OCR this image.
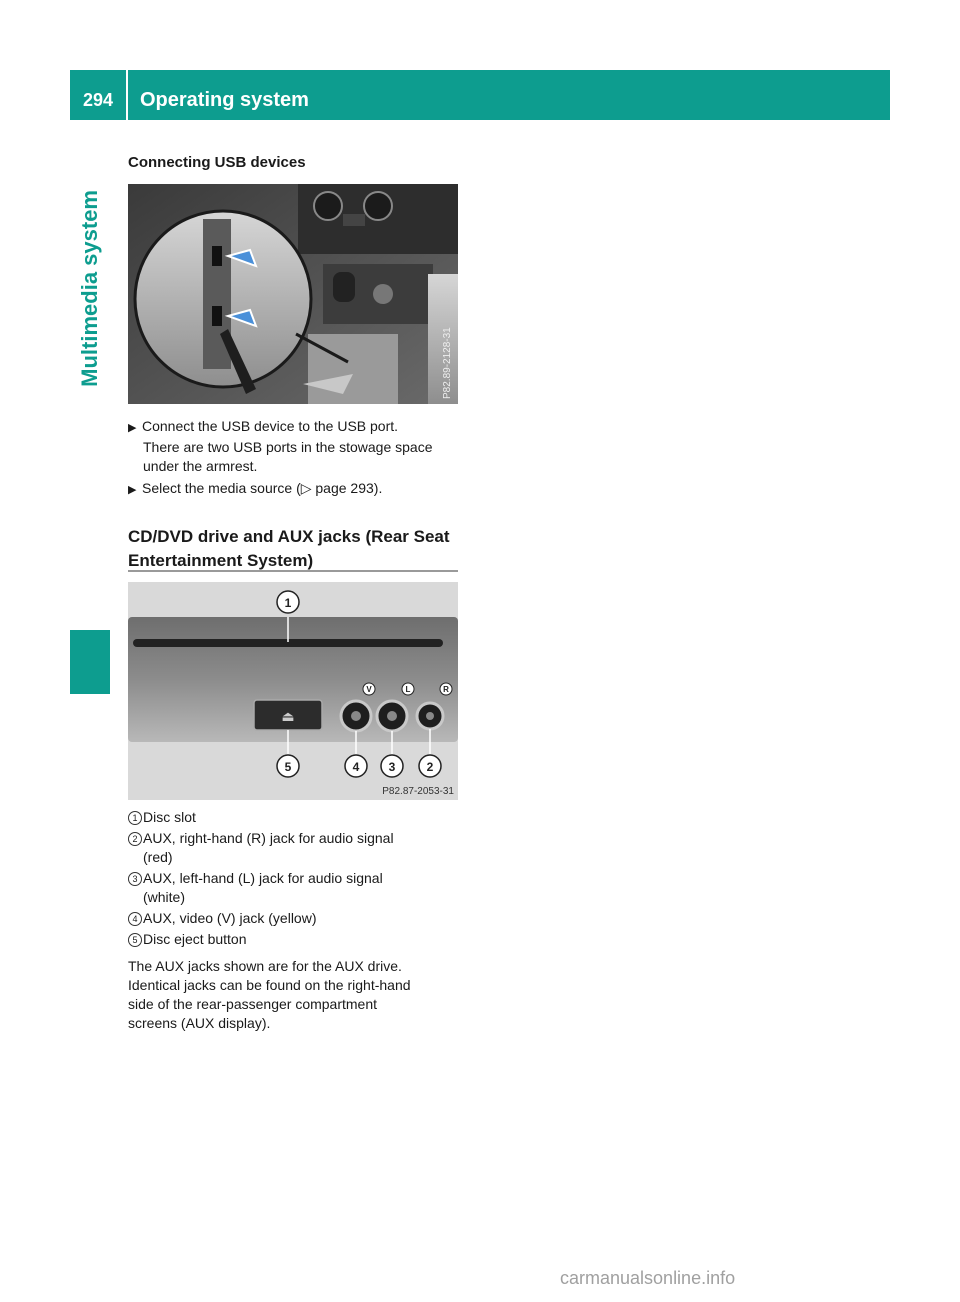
294	Operating system
Multimedia system
Connecting USB devices
P82.89-2128-31
▶ Connect the USB device to the USB port.
There are two USB ports in the stowage space
under the armrest.
▶ Select the media source (▷ page 293).
CD/DVD drive and AUX jacks (Rear Seat
Entertainment System)
⏏
V	L	R
1
2
3
4
5
P82.87-2053-31
1 Disc slot
2 AUX, right-hand (R) jack for audio signal
(red)
3 AUX, left-hand (L) jack for audio signal
(white)
4 AUX, video (V) jack (yellow)
5 Disc eject button
The AUX jacks shown are for the AUX drive.
Identical jacks can be found on the right-hand
side of the rear-passenger compartment
screens (AUX display).
carmanualsonline.info
